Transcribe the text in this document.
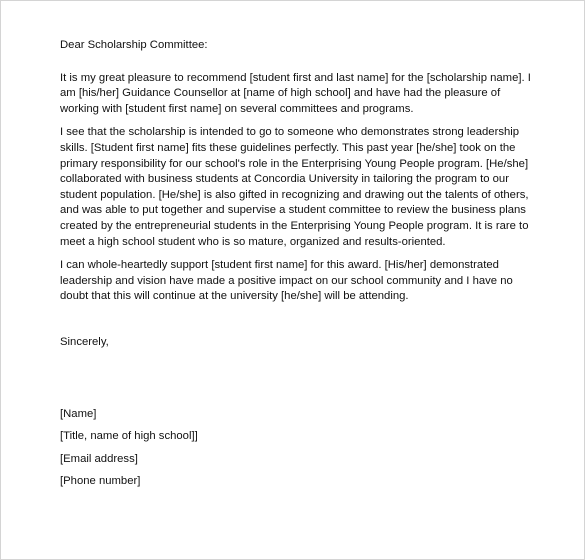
Dear Scholarship Committee:

It is my great pleasure to recommend [student first and last name] for the [scholarship name]. I am [his/her] Guidance Counsellor at [name of high school] and have had the pleasure of working with [student first name] on several committees and programs.

I see that the scholarship is intended to go to someone who demonstrates strong leadership skills. [Student first name] fits these guidelines perfectly. This past year [he/she] took on the primary responsibility for our school's role in the Enterprising Young People program. [He/she] collaborated with business students at Concordia University in tailoring the program to our student population. [He/she] is also gifted in recognizing and drawing out the talents of others, and was able to put together and supervise a student committee to review the business plans created by the entrepreneurial students in the Enterprising Young People program. It is rare to meet a high school student who is so mature, organized and results-oriented.

I can whole-heartedly support [student first name] for this award. [His/her] demonstrated leadership and vision have made a positive impact on our school community and I have no doubt that this will continue at the university [he/she] will be attending.

Sincerely,

[Name]

[Title, name of high school]]

[Email address]

[Phone number]
